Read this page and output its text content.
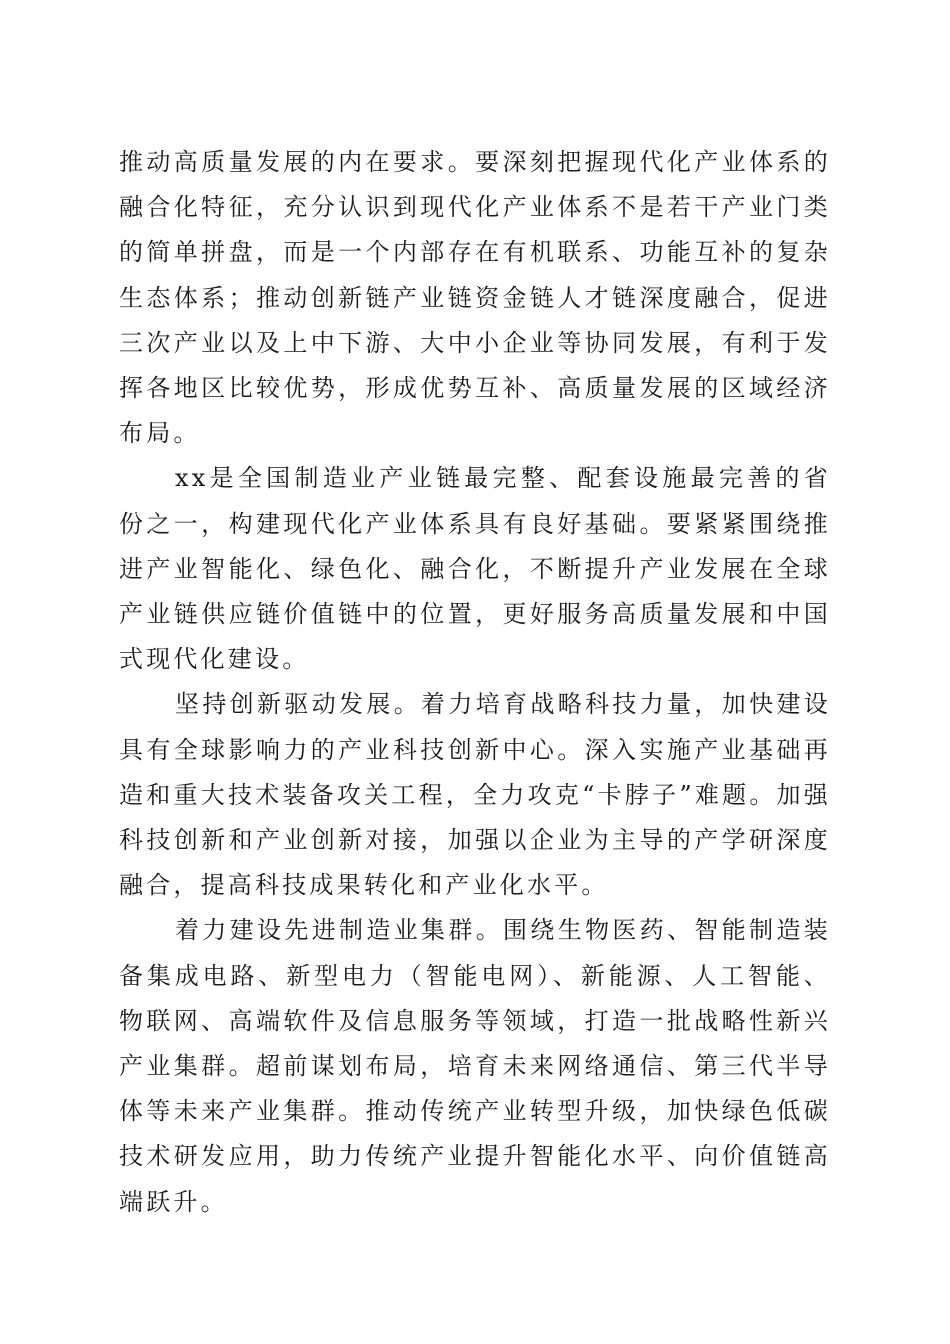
推动高质量发展的内在要求。要深刻把握现代化产业体系的融合化特征，充分认识到现代化产业体系不是若干产业门类的简单拼盘，而是一个内部存在有机联系、功能互补的复杂生态体系；推动创新链产业链资金链人才链深度融合，促进三次产业以及上中下游、大中小企业等协同发展，有利于发挥各地区比较优势，形成优势互补、高质量发展的区域经济布局。

xx是全国制造业产业链最完整、配套设施最完善的省份之一，构建现代化产业体系具有良好基础。要紧紧围绕推进产业智能化、绿色化、融合化，不断提升产业发展在全球产业链供应链价值链中的位置，更好服务高质量发展和中国式现代化建设。

坚持创新驱动发展。着力培育战略科技力量，加快建设具有全球影响力的产业科技创新中心。深入实施产业基础再造和重大技术装备攻关工程，全力攻克“卡脖子”难题。加强科技创新和产业创新对接，加强以企业为主导的产学研深度融合，提高科技成果转化和产业化水平。

着力建设先进制造业集群。围绕生物医药、智能制造装备集成电路、新型电力（智能电网）、新能源、人工智能、物联网、高端软件及信息服务等领域，打造一批战略性新兴产业集群。超前谋划布局，培育未来网络通信、第三代半导体等未来产业集群。推动传统产业转型升级，加快绿色低碳技术研发应用，助力传统产业提升智能化水平、向价值链高端跃升。
